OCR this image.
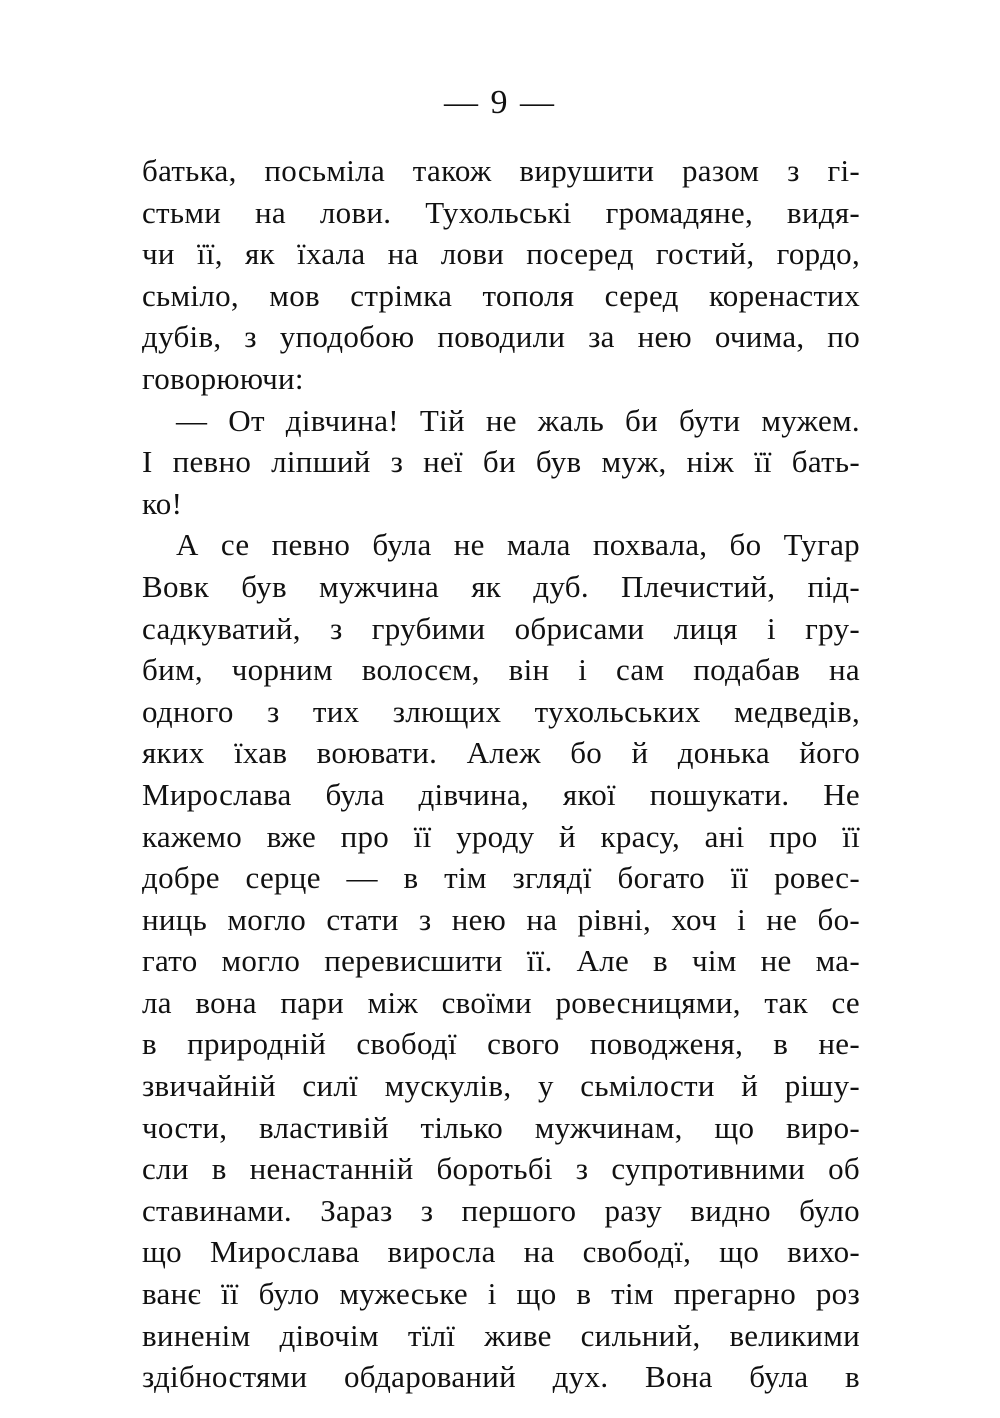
— 9 —
батька, посьміла також вирушити разом з гі-
стьми на лови. Тухольські громадяне, видя-
чи її, як їхала на лови посеред гостий, гордо,
сьміло, мов стрімка тополя серед коренастих
дубів, з уподобою поводили за нею очима, по
говорюючи:
— От дівчина! Тій не жаль би бути мужем.
І певно ліпший з неї би був муж, ніж її бать-
ко!
А се певно була не мала похвала, бо Тугар
Вовк був мужчина як дуб. Плечистий, під-
садкуватий, з грубими обрисами лиця і гру-
бим, чорним волосєм, він і сам подабав на
одного з тих злющих тухольських медведів,
яких їхав воювати. Алеж бо й донька його
Мирослава була дівчина, якої пошукати. Не
кажемо вже про її уроду й красу, ані про її
добре серце — в тім зглядї богато її ровес-
ниць могло стати з нею на рівні, хоч і не бо-
гато могло перевисшити її. Але в чім не ма-
ла вона пари між своїми ровесницями, так се
в природній свободї свого поводженя, в не-
звичайній силї мускулів, у сьмілости й рішу-
чости, властивій тілько мужчинам, що виро-
сли в ненастанній боротьбі з супротивними об
ставинами. Зараз з першого разу видно було
що Мирослава виросла на свободї, що вихо-
ванє її було мужеське і що в тім прегарно роз
виненім дівочім тїлї живе сильний, великими
здібностями обдарований дух. Вона була в
